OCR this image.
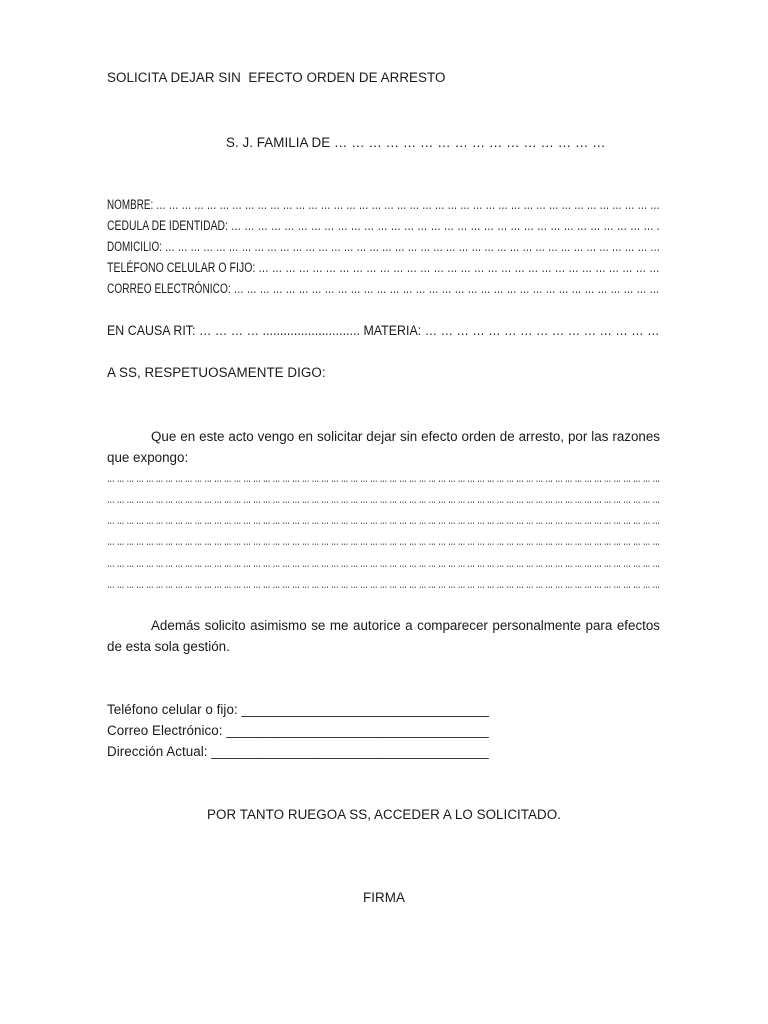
SOLICITA DEJAR SIN  EFECTO ORDEN DE ARRESTO
S. J. FAMILIA DE … … … … … … … … … … … … … … … …
NOMBRE: … … … … … … … … … … … … … … … … … … … … … … … … … … … … … … … … … … … … … … … …
CEDULA DE IDENTIDAD: … … … … … … … … … … … … … … … … … … … … … … … … … … … … … … … … .
DOMICILIO: … … … … … … … … … … … … … … … … … … … … … … … … … … … … … … … … … … … … … … …
TELÉFONO CELULAR O FIJO: … … … … … … … … … … … … … … … … … … … … … … … … … … … … … …
CORREO ELECTRÓNICO: … … … … … … … … … … … … … … … … … … … … … … … … … … … … … … … … …
EN CAUSA RIT: … … … … ............................ MATERIA: … … … … … … … … … … … … … … …
A SS, RESPETUOSAMENTE DIGO:
Que en este acto vengo en solicitar dejar sin efecto orden de arresto, por las razones que expongo:
… … … … … … … … … … … … … … … … … … … … … … … … … … … … … … … … … … … … … … … … … … … … … … … … … … … … … … … … …
… … … … … … … … … … … … … … … … … … … … … … … … … … … … … … … … … … … … … … … … … … … … … … … … … … … … … … … … …
… … … … … … … … … … … … … … … … … … … … … … … … … … … … … … … … … … … … … … … … … … … … … … … … … … … … … … … … …
… … … … … … … … … … … … … … … … … … … … … … … … … … … … … … … … … … … … … … … … … … … … … … … … … … … … … … … … …
… … … … … … … … … … … … … … … … … … … … … … … … … … … … … … … … … … … … … … … … … … … … … … … … … … … … … … … … …
… … … … … … … … … … … … … … … … … … … … … … … … … … … … … … … … … … … … … … … … … … … … … … … … … … … … … … … … …
Además solicito asimismo se me autorice a comparecer personalmente para efectos de esta sola gestión.
Teléfono celular o fijo: _________________________________
Correo Electrónico: ___________________________________
Dirección Actual: _____________________________________
POR TANTO RUEGOA SS, ACCEDER A LO SOLICITADO.
FIRMA
